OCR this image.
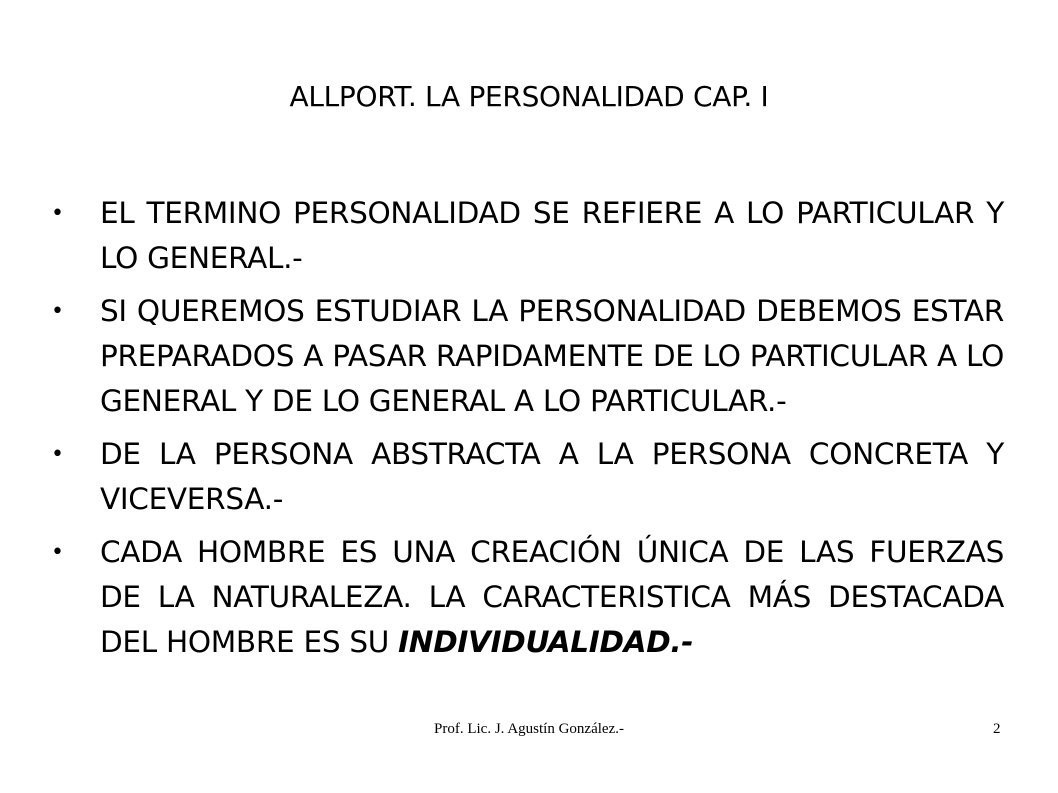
ALLPORT. LA PERSONALIDAD CAP. I
• EL TERMINO PERSONALIDAD SE REFIERE A LO PARTICULAR Y LO GENERAL.-
• SI QUEREMOS ESTUDIAR LA PERSONALIDAD DEBEMOS ESTAR PREPARADOS A PASAR RAPIDAMENTE DE LO PARTICULAR A LO GENERAL Y DE LO GENERAL A LO PARTICULAR.-
• DE LA PERSONA ABSTRACTA A LA PERSONA CONCRETA Y VICEVERSA.-
• CADA HOMBRE ES UNA CREACIÓN ÚNICA DE LAS FUERZAS DE LA NATURALEZA. LA CARACTERISTICA MÁS DESTACADA DEL HOMBRE ES SU INDIVIDUALIDAD.-
Prof. Lic. J. Agustín González.-	2
